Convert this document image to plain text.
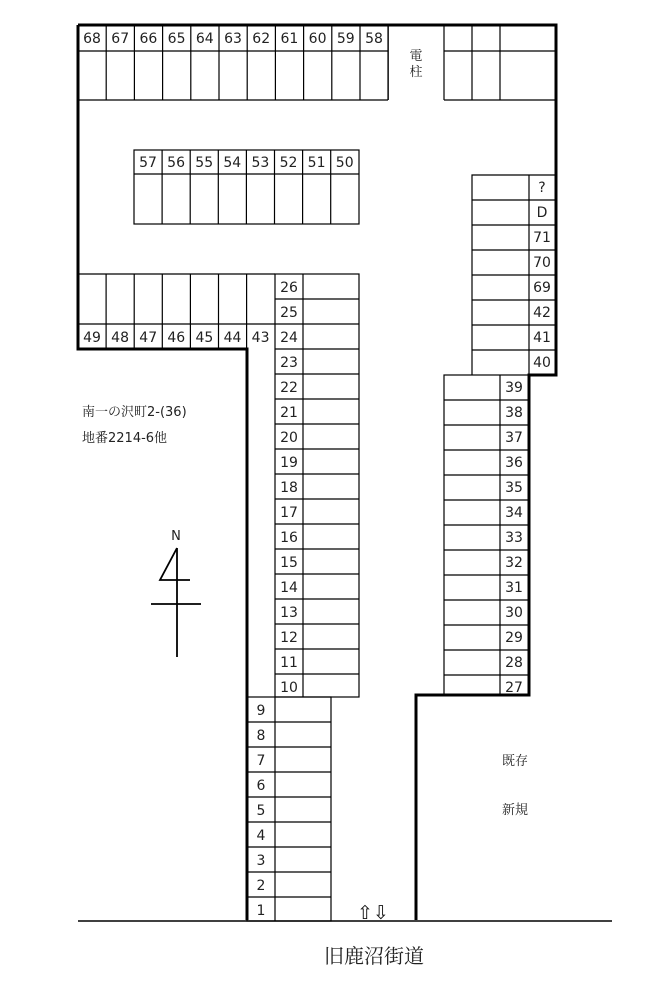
68 67 66 65 64 63 62 61 60 59 58
57 56 55 54 53 52 51 50
?
D
71
70
69
42
41
40
49 48 47 46 45 44 43
26
25
24
23
22
21
20
19
18
17
16
15
14
13
12
11
10
39
38
37
36
35
34
33
32
31
30
29
28
27
9
8
7
6
5
4
3
2
1
電
柱
南一の沢町2-(36)
地番2214-6他
N
既存
新規
⇧⇩
旧鹿沼街道
